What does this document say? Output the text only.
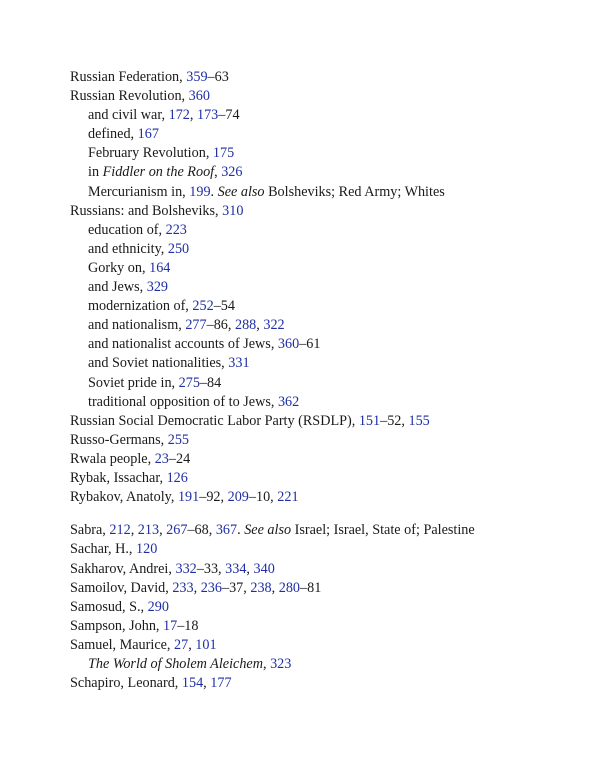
Russian Federation, 359–63
Russian Revolution, 360
and civil war, 172, 173–74
defined, 167
February Revolution, 175
in Fiddler on the Roof, 326
Mercurianism in, 199. See also Bolsheviks; Red Army; Whites
Russians: and Bolsheviks, 310
education of, 223
and ethnicity, 250
Gorky on, 164
and Jews, 329
modernization of, 252–54
and nationalism, 277–86, 288, 322
and nationalist accounts of Jews, 360–61
and Soviet nationalities, 331
Soviet pride in, 275–84
traditional opposition of to Jews, 362
Russian Social Democratic Labor Party (RSDLP), 151–52, 155
Russo-Germans, 255
Rwala people, 23–24
Rybak, Issachar, 126
Rybakov, Anatoly, 191–92, 209–10, 221
Sabra, 212, 213, 267–68, 367. See also Israel; Israel, State of; Palestine
Sachar, H., 120
Sakharov, Andrei, 332–33, 334, 340
Samoilov, David, 233, 236–37, 238, 280–81
Samosud, S., 290
Sampson, John, 17–18
Samuel, Maurice, 27, 101
The World of Sholem Aleichem, 323
Schapiro, Leonard, 154, 177
